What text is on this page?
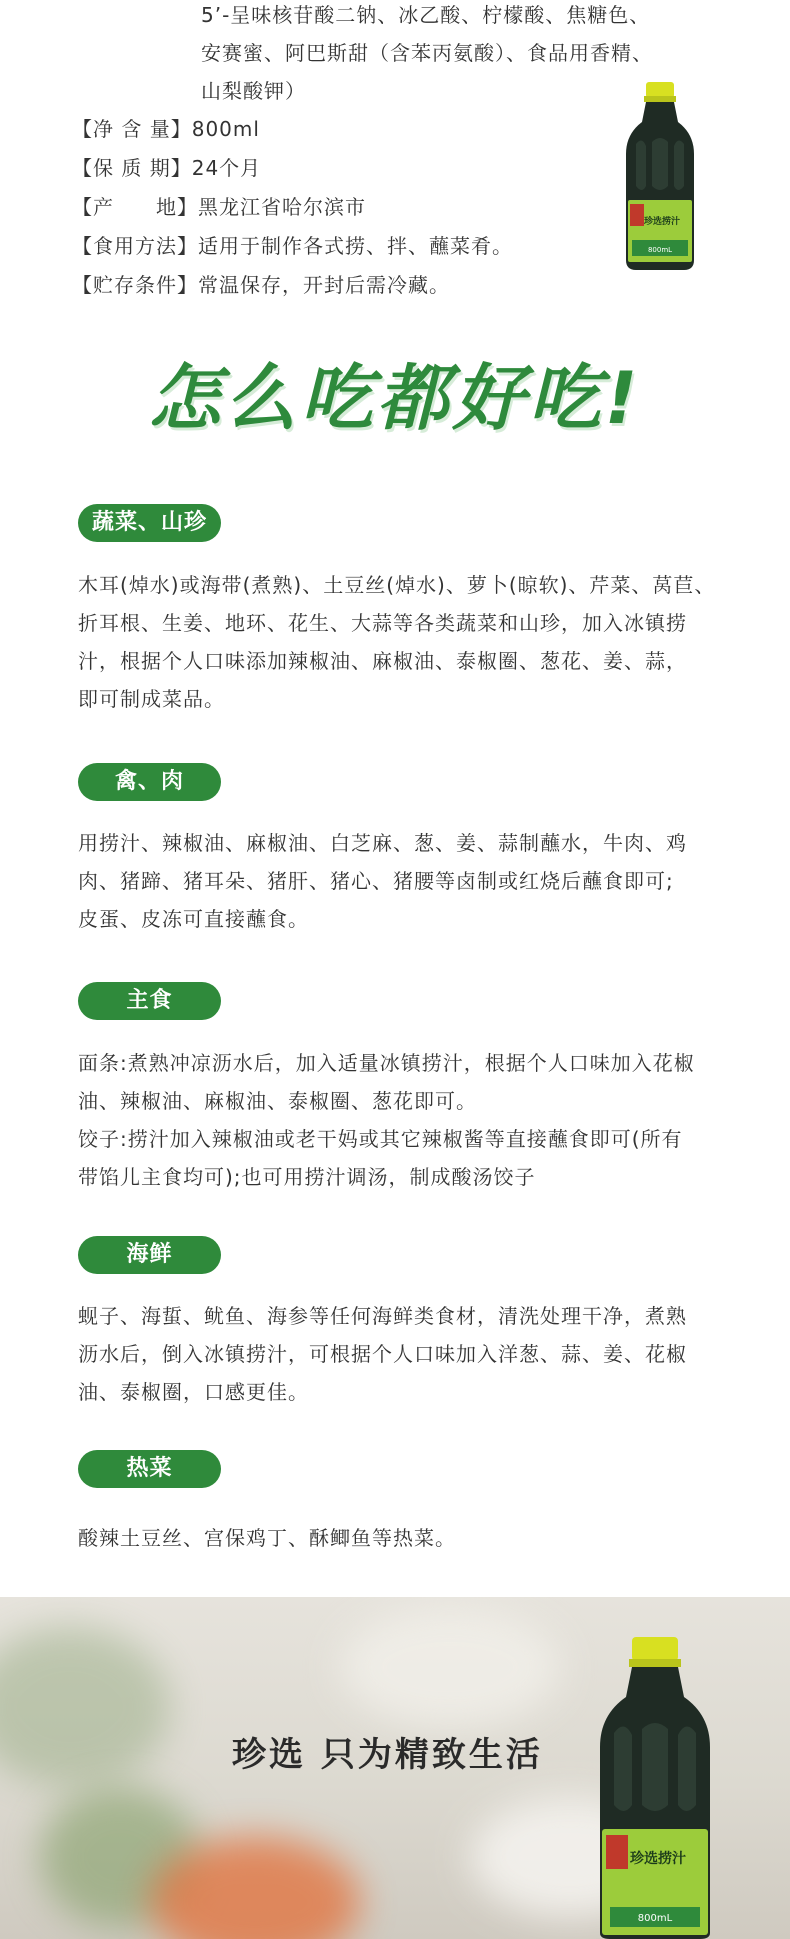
5’-呈味核苷酸二钠、冰乙酸、柠檬酸、焦糖色、
安赛蜜、阿巴斯甜（含苯丙氨酸）、食品用香精、
山梨酸钾）
【净 含 量】 800ml
【保 质 期】 24个月
【产　　地】 黑龙江省哈尔滨市
【食用方法】 适用于制作各式捞、拌、蘸菜肴。
【贮存条件】 常温保存，开封后需冷藏。
珍选捞汁
800mL
怎么吃都好吃!
蔬菜、山珍
木耳(焯水)或海带(煮熟)、土豆丝(焯水)、萝卜(晾软)、芹菜、莴苣、
折耳根、生姜、地环、花生、大蒜等各类蔬菜和山珍，加入冰镇捞
汁，根据个人口味添加辣椒油、麻椒油、泰椒圈、葱花、姜、蒜，
即可制成菜品。
禽、肉
用捞汁、辣椒油、麻椒油、白芝麻、葱、姜、蒜制蘸水，牛肉、鸡
肉、猪蹄、猪耳朵、猪肝、猪心、猪腰等卤制或红烧后蘸食即可;
皮蛋、皮冻可直接蘸食。
主食
面条:煮熟冲凉沥水后，加入适量冰镇捞汁，根据个人口味加入花椒
油、辣椒油、麻椒油、泰椒圈、葱花即可。
饺子:捞汁加入辣椒油或老干妈或其它辣椒酱等直接蘸食即可(所有
带馅儿主食均可);也可用捞汁调汤，制成酸汤饺子
海鲜
蚬子、海蜇、鱿鱼、海参等任何海鲜类食材，清洗处理干净，煮熟
沥水后，倒入冰镇捞汁，可根据个人口味加入洋葱、蒜、姜、花椒
油、泰椒圈，口感更佳。
热菜
酸辣土豆丝、宫保鸡丁、酥鲫鱼等热菜。
珍选 只为精致生活
珍选捞汁
800mL
